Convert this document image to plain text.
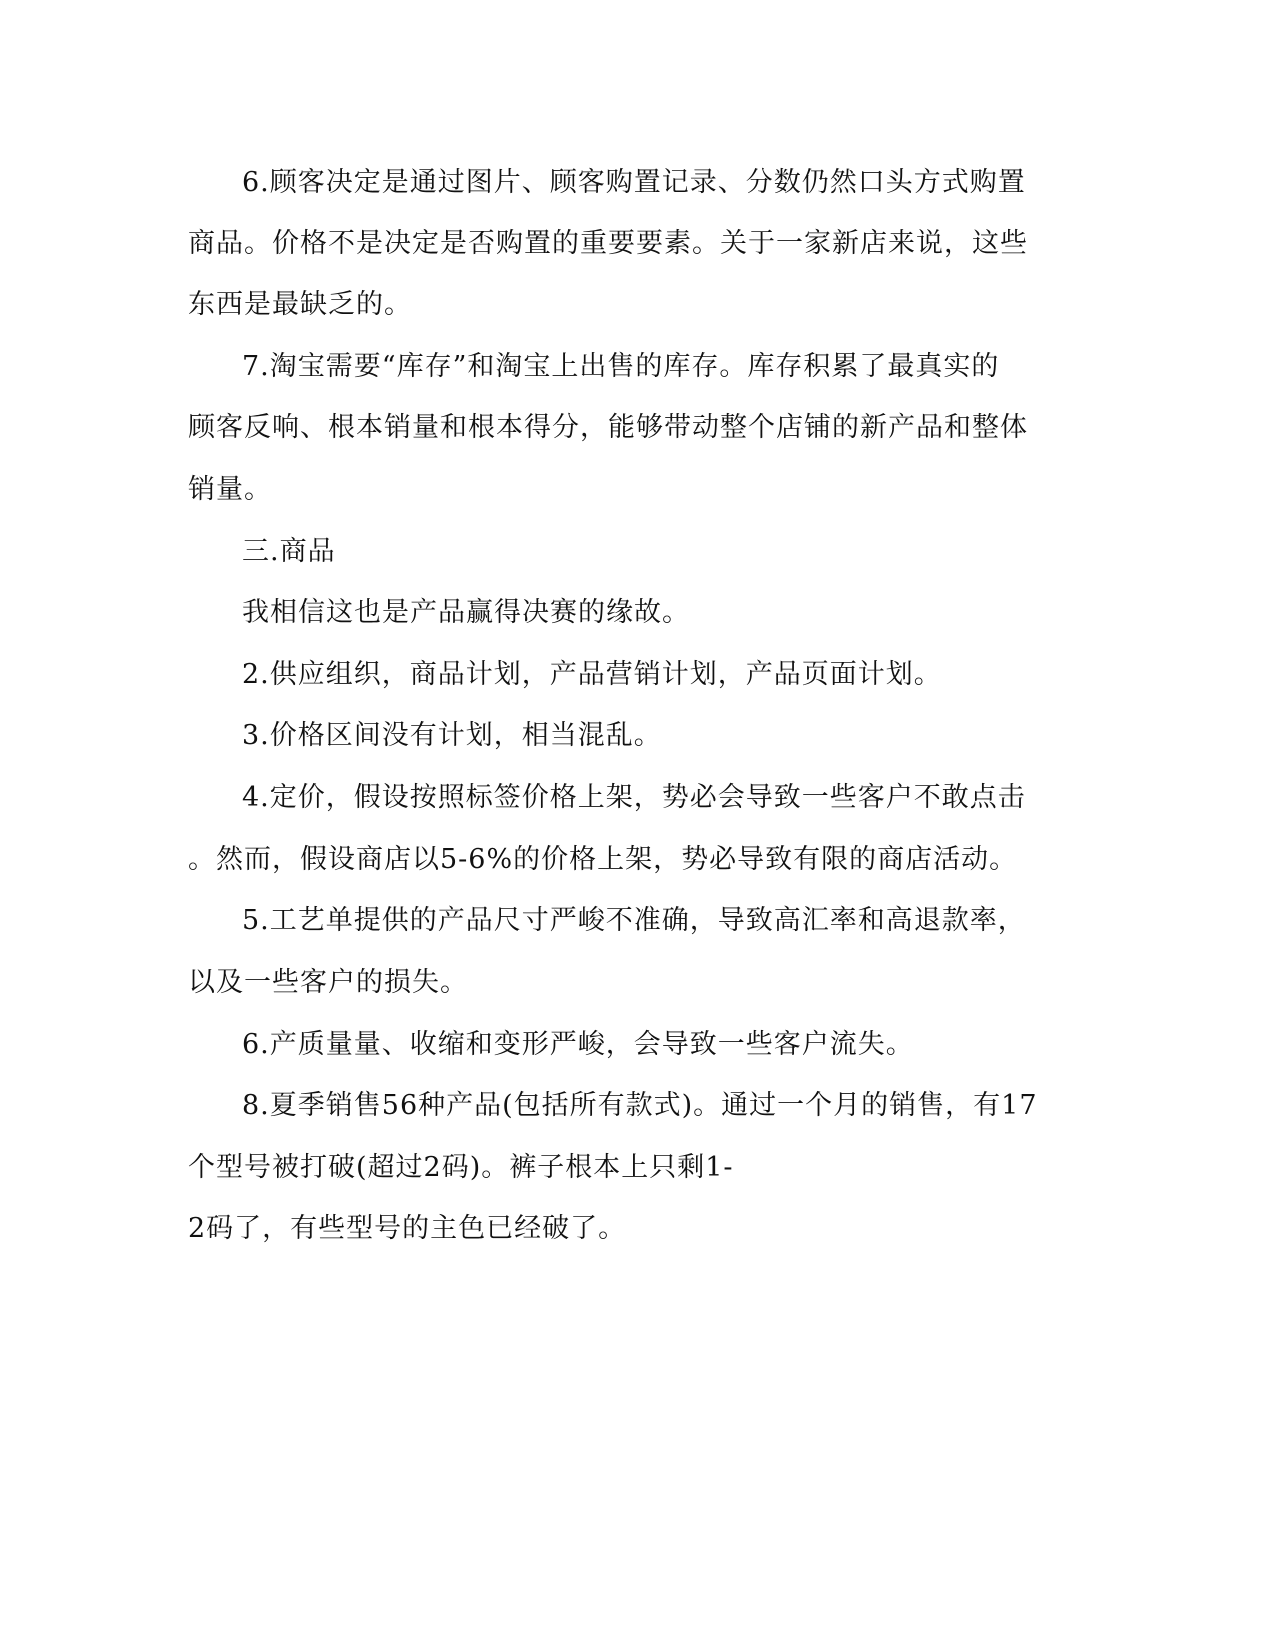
6.顾客决定是通过图片、顾客购置记录、分数仍然口头方式购置
商品。价格不是决定是否购置的重要要素。关于一家新店来说，这些
东西是最缺乏的。
7.淘宝需要“库存”和淘宝上出售的库存。库存积累了最真实的
顾客反响、根本销量和根本得分，能够带动整个店铺的新产品和整体
销量。
三.商品
我相信这也是产品赢得决赛的缘故。
2.供应组织，商品计划，产品营销计划，产品页面计划。
3.价格区间没有计划，相当混乱。
4.定价，假设按照标签价格上架，势必会导致一些客户不敢点击
。然而，假设商店以5-6%的价格上架，势必导致有限的商店活动。
5.工艺单提供的产品尺寸严峻不准确，导致高汇率和高退款率，
以及一些客户的损失。
6.产质量量、收缩和变形严峻，会导致一些客户流失。
8.夏季销售56种产品(包括所有款式)。通过一个月的销售，有17
个型号被打破(超过2码)。裤子根本上只剩1-
2码了，有些型号的主色已经破了。
